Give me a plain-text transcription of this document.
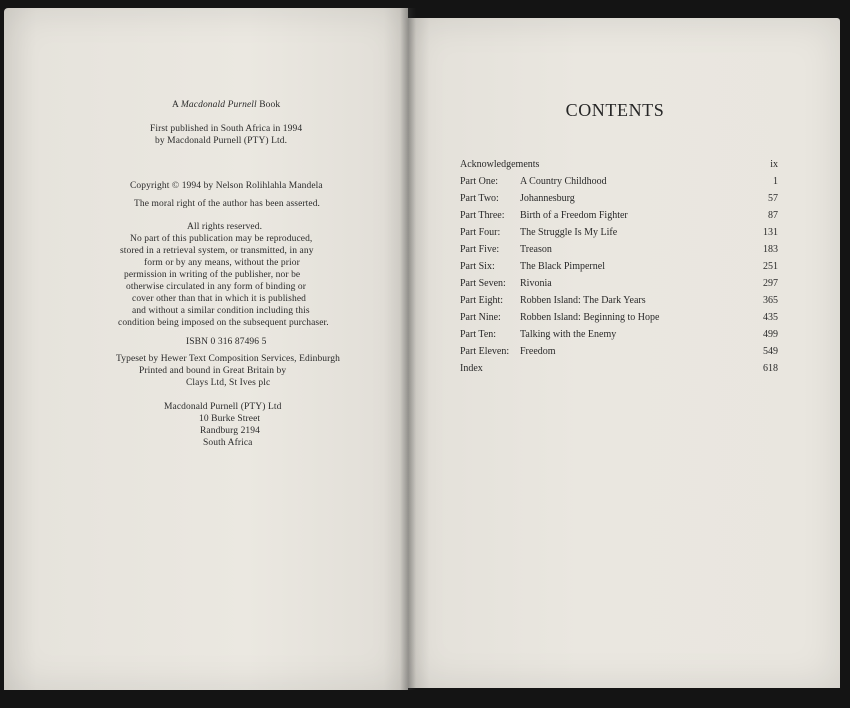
A Macdonald Purnell Book
First published in South Africa in 1994
by Macdonald Purnell (PTY) Ltd.
Copyright © 1994 by Nelson Rolihlahla Mandela
The moral right of the author has been asserted.
All rights reserved.
No part of this publication may be reproduced,
stored in a retrieval system, or transmitted, in any
form or by any means, without the prior
permission in writing of the publisher, nor be
otherwise circulated in any form of binding or
cover other than that in which it is published
and without a similar condition including this
condition being imposed on the subsequent purchaser.
ISBN 0 316 87496 5
Typeset by Hewer Text Composition Services, Edinburgh
Printed and bound in Great Britain by
Clays Ltd, St Ives plc
Macdonald Purnell (PTY) Ltd
10 Burke Street
Randburg 2194
South Africa
CONTENTS
Acknowledgements	ix
Part One: A Country Childhood	1
Part Two: Johannesburg	57
Part Three: Birth of a Freedom Fighter	87
Part Four: The Struggle Is My Life	131
Part Five: Treason	183
Part Six:	The Black Pimpernel	251
Part Seven: Rivonia	297
Part Eight: Robben Island: The Dark Years	365
Part Nine: Robben Island: Beginning to Hope	435
Part Ten: Talking with the Enemy	499
Part Eleven: Freedom	549
Index	618
